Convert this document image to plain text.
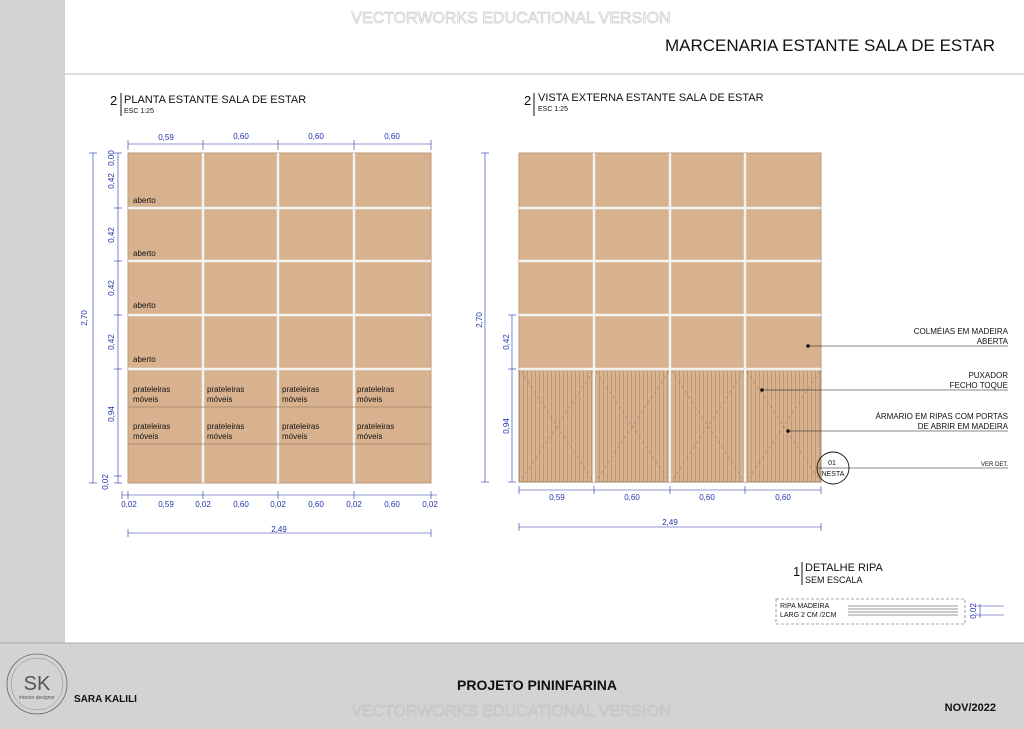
VECTORWORKS EDUCATIONAL VERSION
MARCENARIA ESTANTE SALA DE ESTAR
2 PLANTA ESTANTE SALA DE ESTAR
ESC 1:25
aberto
aberto
aberto
aberto
prateleiras
móveis
prateleiras
móveis
prateleiras
móveis
prateleiras
móveis
prateleiras
móveis
prateleiras
móveis
prateleiras
móveis
prateleiras
móveis
0,59	0,60	0,60	0,60
0,00
0,42
0,42
0,42
0,42
0,94
0,02
2,70
0,02	0,59	0,02	0,60	0,02	0,60	0,02	0,60	0,02
2,49
2 VISTA EXTERNA ESTANTE SALA DE ESTAR
ESC 1:25
2,70
0,42
0,94
0,59	0,60	0,60	0,60
2,49
COLMÉIAS EM MADEIRA
ABERTA
PUXADOR
FECHO TOQUE
ÁRMARIO EM RIPAS COM PORTAS
DE ABRIR EM MADEIRA
01
NESTA
VER DET.
1 DETALHE RIPA
SEM ESCALA
RIPA MADEIRA
LARG 2 CM /2CM	0,02
SK
interior designer SARA KALILI
PROJETO PININFARINA
VECTORWORKS EDUCATIONAL VERSION	NOV/2022
